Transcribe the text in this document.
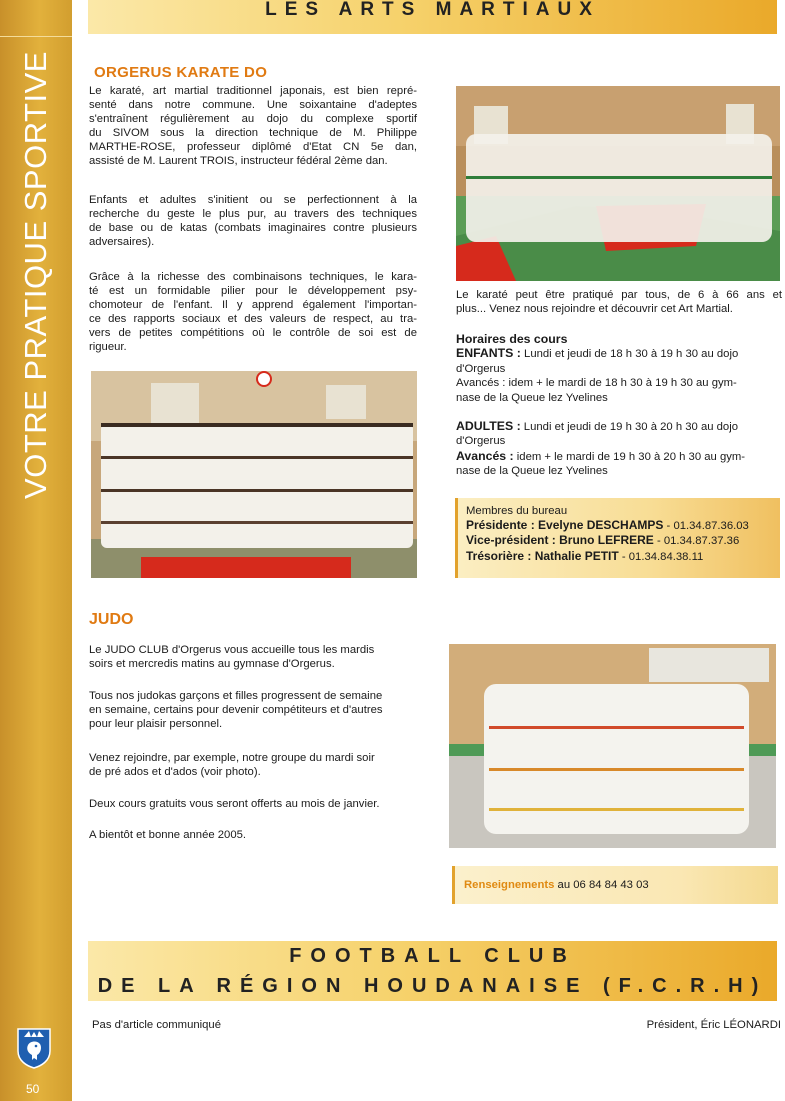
VOTRE PRATIQUE SPORTIVE
50
LES ARTS MARTIAUX
ORGERUS KARATE DO
Le karaté, art martial traditionnel japonais, est bien repré-
senté dans notre commune. Une soixantaine d'adeptes
s'entraînent régulièrement au dojo du complexe sportif
du SIVOM sous la direction technique de M. Philippe
MARTHE-ROSE, professeur diplômé d'Etat CN 5e dan,
assisté de M. Laurent TROIS, instructeur fédéral 2ème dan.
Enfants et adultes s'initient ou se perfectionnent à la
recherche du geste le plus pur, au travers des techniques
de base ou de katas (combats imaginaires contre plusieurs
adversaires).
Grâce à la richesse des combinaisons techniques, le kara-
té est un formidable pilier pour le développement psy-
chomoteur de l'enfant. Il y apprend également l'importan-
ce des rapports sociaux et des valeurs de respect, au tra-
vers de petites compétitions où le contrôle de soi est de
rigueur.
Le karaté peut être pratiqué par tous, de 6 à 66 ans et
plus... Venez nous rejoindre et découvrir cet Art Martial.
Horaires des cours
ENFANTS : Lundi et jeudi de 18 h 30 à 19 h 30 au dojo
d'Orgerus
Avancés : idem + le mardi de 18 h 30 à 19 h 30 au gym-
nase de la Queue lez Yvelines
ADULTES : Lundi et jeudi de 19 h 30 à 20 h 30 au dojo
d'Orgerus
Avancés : idem + le mardi de 19 h 30 à 20 h 30 au gym-
nase de la Queue lez Yvelines
Membres du bureau
Présidente : Evelyne DESCHAMPS - 01.34.87.36.03
Vice-président : Bruno LEFRERE - 01.34.87.37.36
Trésorière : Nathalie PETIT - 01.34.84.38.11
JUDO
Le JUDO CLUB d'Orgerus vous accueille tous les mardis
soirs et mercredis matins au gymnase d'Orgerus.
Tous nos judokas garçons et filles progressent de semaine
en semaine, certains pour devenir compétiteurs et d'autres
pour leur plaisir personnel.
Venez rejoindre, par exemple, notre groupe du mardi soir
de pré ados et d'ados (voir photo).
Deux cours gratuits vous seront offerts au mois de janvier.
A bientôt et bonne année 2005.
Renseignements au 06 84 84 43 03
FOOTBALL CLUB
DE LA RÉGION HOUDANAISE (F.C.R.H)
Pas d'article communiqué	Président, Éric LÉONARDI
